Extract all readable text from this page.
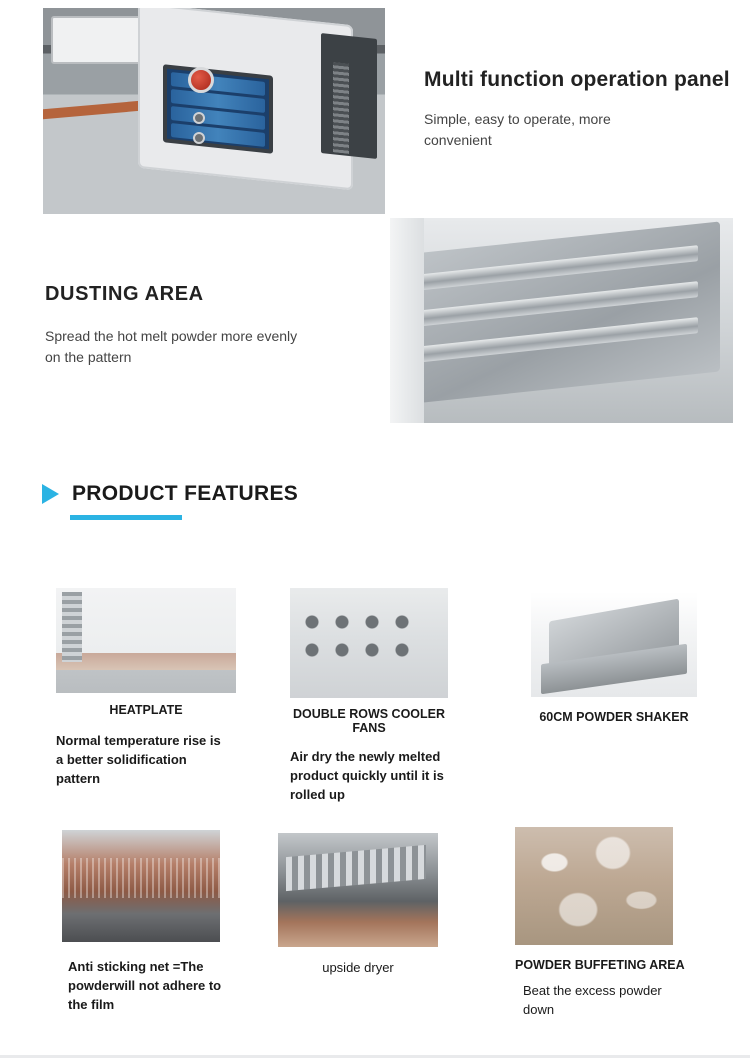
Multi function operation panel
Simple, easy to operate, more convenient
DUSTING AREA
Spread the hot melt powder more evenly on the pattern
PRODUCT FEATURES
HEATPLATE
Normal temperature rise is a better solidification pattern
DOUBLE ROWS COOLER FANS
Air dry the newly melted product quickly until it is rolled up
60CM POWDER SHAKER
Anti sticking net =The powderwill not adhere to the film
upside dryer	POWDER BUFFETING AREA
Beat the excess powder down
